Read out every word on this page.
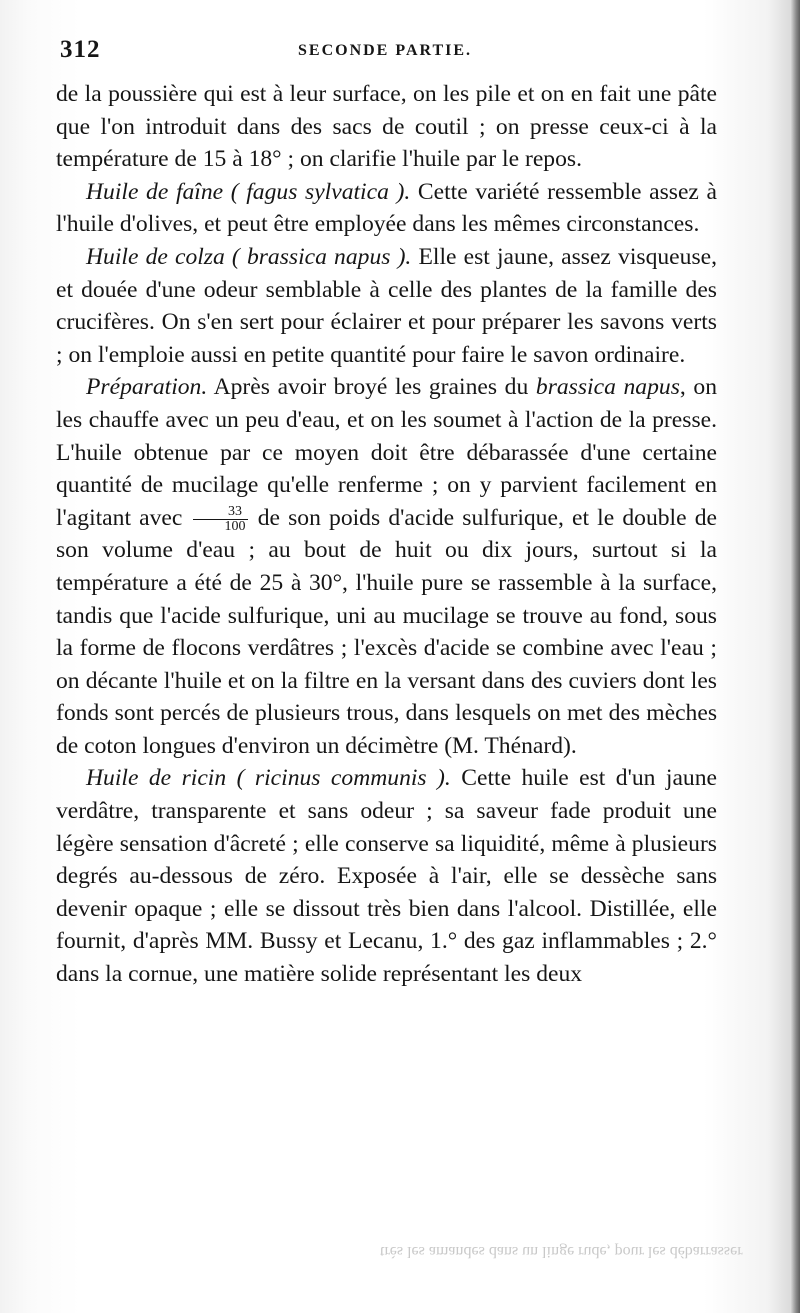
312	SECONDE PARTIE.

de la poussière qui est à leur surface, on les pile et on en fait une pâte que l'on introduit dans des sacs de coutil ; on presse ceux-ci à la température de 15 à 18° ; on clarifie l'huile par le repos.

Huile de faîne ( fagus sylvatica ). Cette variété ressemble assez à l'huile d'olives, et peut être employée dans les mêmes circonstances.

Huile de colza ( brassica napus ). Elle est jaune, assez visqueuse, et douée d'une odeur semblable à celle des plantes de la famille des crucifères. On s'en sert pour éclairer et pour préparer les savons verts ; on l'emploie aussi en petite quantité pour faire le savon ordinaire.

Préparation. Après avoir broyé les graines du brassica napus, on les chauffe avec un peu d'eau, et on les soumet à l'action de la presse. L'huile obtenue par ce moyen doit être débarassée d'une certaine quantité de mucilage qu'elle renferme ; on y parvient facilement en l'agitant avec $\frac{33}{100}$ de son poids d'acide sulfurique, et le double de son volume d'eau ; au bout de huit ou dix jours, surtout si la température a été de 25 à 30°, l'huile pure se rassemble à la surface, tandis que l'acide sulfurique, uni au mucilage se trouve au fond, sous la forme de flocons verdâtres ; l'excès d'acide se combine avec l'eau ; on décante l'huile et on la filtre en la versant dans des cuviers dont les fonds sont percés de plusieurs trous, dans lesquels on met des mèches de coton longues d'environ un décimètre (M. Thénard).

Huile de ricin ( ricinus communis ). Cette huile est d'un jaune verdâtre, transparente et sans odeur ; sa saveur fade produit une légère sensation d'âcreté ; elle conserve sa liquidité, même à plusieurs degrés au-dessous de zéro. Exposée à l'air, elle se dessèche sans devenir opaque ; elle se dissout très bien dans l'alcool. Distillée, elle fournit, d'après MM. Bussy et Lecanu, 1.° des gaz inflammables ; 2.° dans la cornue, une matière solide représentant les deux

très les amandes dans un linge rude, pour les débarrasser
